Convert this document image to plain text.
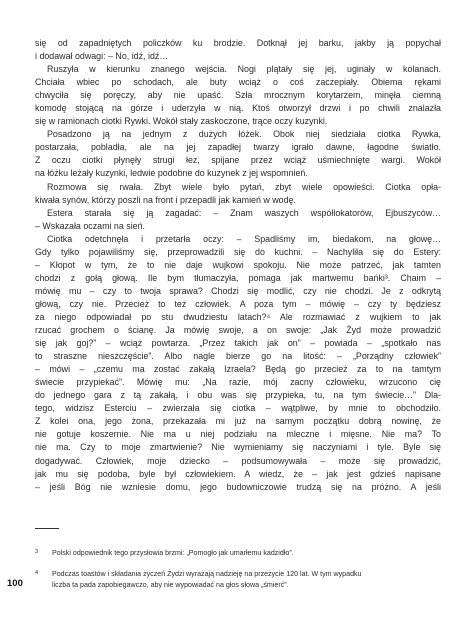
się od zapadniętych policzków ku brodzie. Dotknął jej barku, jakby ją popychał

i dodawał odwagi: – No, idź, idź…

Ruszyła w kierunku znanego wejścia. Nogi plątały się jej, uginały w kolanach.

Chciała wbiec po schodach, ale buty wciąż o coś zaczepiały. Obiema rękami

chwyciła się poręczy, aby nie upaść. Szła mrocznym korytarzem, minęła ciemną

komodę stojącą na górze i uderzyła w nią. Ktoś otworzył drzwi i po chwili znalazła

się w ramionach ciotki Rywki. Wokół stały zaskoczone, trące oczy kuzynki.

Posadzono ją na jednym z dużych łóżek. Obok niej siedziała ciotka Rywka,

postarzała, pobladła, ale na jej zapadłej twarzy igrało dawne, łagodne światło.

Z oczu ciotki płynęły strugi łez, spijane przez wciąż uśmiechnięte wargi. Wokół

na łóżku leżały kuzynki, ledwie podobne do kuzynek z jej wspomnień.

Rozmowa się rwała. Zbyt wiele było pytań, zbyt wiele opowieści. Ciotka opła-

kiwała synów, którzy poszli na front i przepadli jak kamień w wodę.

Estera starała się ją zagadać: – Znam waszych współlokatorów, Ejbuszyców…

– Wskazała oczami na sień.

Ciotka odetchnęła i przetarła oczy: – Spadliśmy im, biedakom, na głowę…

Gdy tylko pojawiliśmy się, przeprowadzili się do kuchni. – Nachyliła się do Estery:

– Kłopot w tym, że to nie daje wujkowi spokoju. Nie może patrzeć, jak tamten

chodzi z gołą głową. Ile bym tłumaczyła, pomaga jak martwemu bańki³. Chaim –

mówię mu – czy to twoja sprawa? Chodzi się modlić, czy nie chodzi. Je z odkrytą

głową, czy nie. Przecież to też człowiek. A poza tym – mówię – czy ty będziesz

za niego odpowiadał po stu dwudziestu latach?⁴ Ale rozmawiać z wujkiem to jak

rzucać grochem o ścianę. Ja mówię swoje, a on swoje: „Jak Żyd może prowadzić

się jak goj?” – wciąż powtarza. „Przez takich jak on” – powiada – „spotkało nas

to straszne nieszczęście”. Albo nagle bierze go na litość: – „Porządny człowiek”

– mówi – „czemu ma zostać zakałą Izraela? Będą go przecież za to na tamtym

świecie przypiekać”. Mówię mu: „Na razie, mój zacny człowieku, wrzucono cię

do jednego gara z tą zakałą, i obu was się przypieka, tu, na tym świecie…” Dla-

tego, widzisz Esterciu – zwierzała się ciotka – wątpliwe, by mnie to obchodziło.

Z kolei ona, jego żona, przekazała mi już na samym początku dobrą nowinę, że

nie gotuje koszernie. Nie ma u niej podziału na mleczne i mięsne. Nie ma? To

nie ma. Czy to moje zmartwienie? Nie wymieniamy się naczyniami i tyle. Byle się

dogadywać. Człowiek, moje dziecko – podsumowywała – może się prowadzić,

jak mu się podoba, byle był człowiekiem. A wiedz, że – jak jest gdzieś napisane

– jeśli Bóg nie wzniesie domu, jego budowniczowie trudzą się na próżno. A jeśli

3 Polski odpowiednik tego przysłowia brzmi: „Pomogło jak umarłemu kadzidło”.
4 Podczas toastów i składania życzeń Żydzi wyrażają nadzieję na przeżycie 120 lat. W tym wypadku
liczba ta pada zapobiegawczo, aby nie wypowiadać na głos słowa „śmierć”.
100
